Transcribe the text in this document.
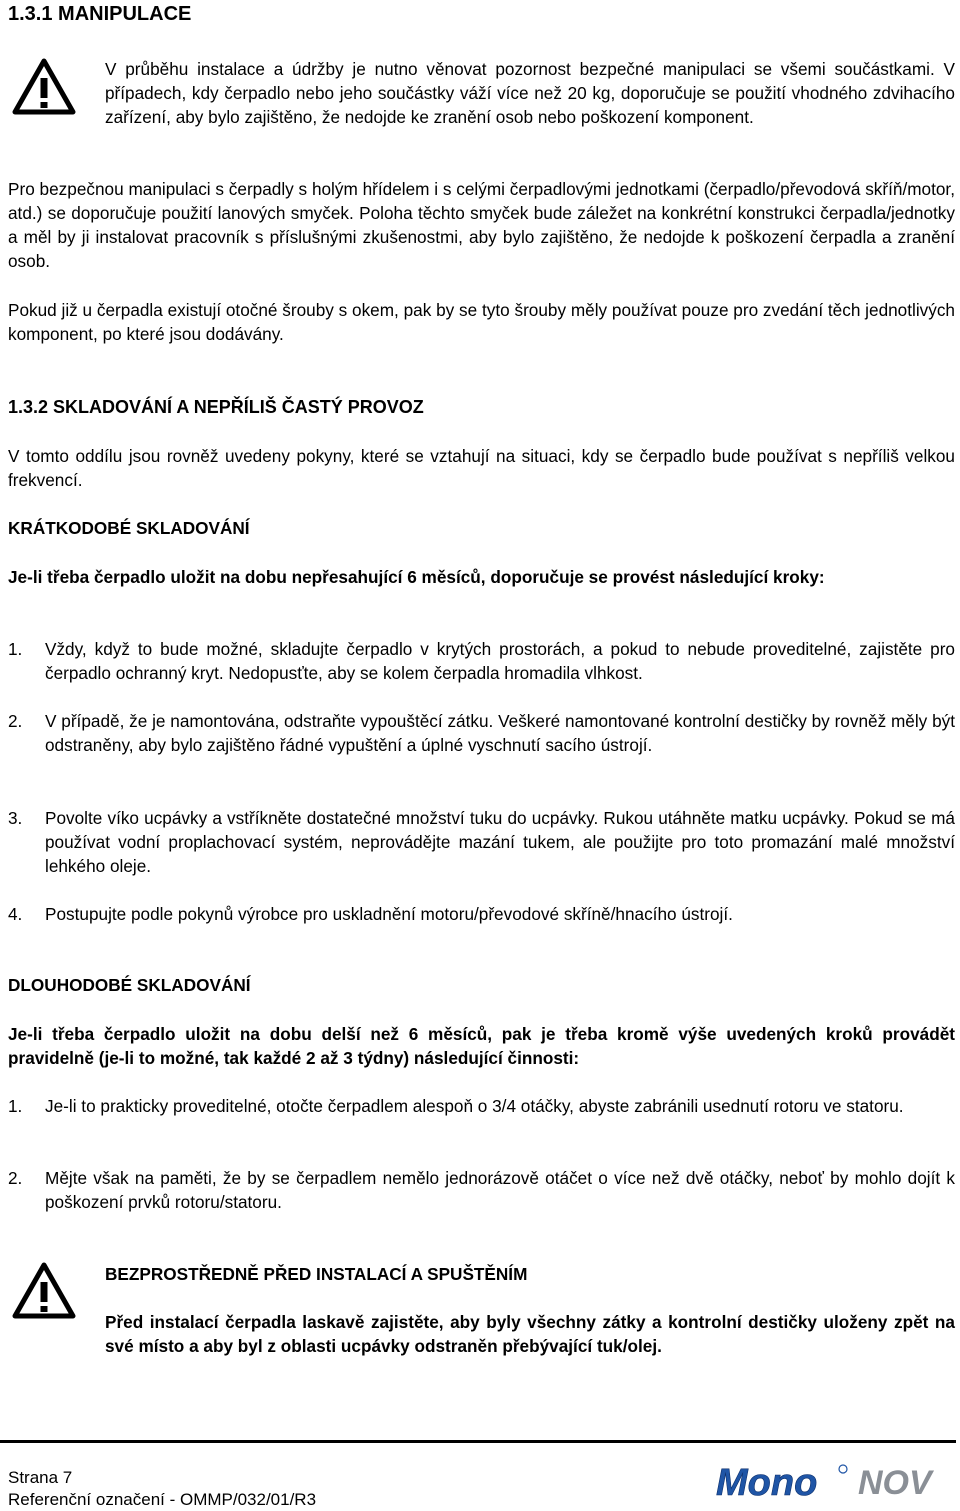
1.3.1 MANIPULACE

V průběhu instalace a údržby je nutno věnovat pozornost bezpečné manipulaci se všemi součástkami. V případech, kdy čerpadlo nebo jeho součástky váží více než 20 kg, doporučuje se použití vhodného zdvihacího zařízení, aby bylo zajištěno, že nedojde ke zranění osob nebo poškození komponent.

Pro bezpečnou manipulaci s čerpadly s holým hřídelem i s celými čerpadlovými jednotkami (čerpadlo/převodová skříň/motor, atd.) se doporučuje použití lanových smyček. Poloha těchto smyček bude záležet na konkrétní konstrukci čerpadla/jednotky a měl by ji instalovat pracovník s příslušnými zkušenostmi, aby bylo zajištěno, že nedojde k poškození čerpadla a zranění osob.

Pokud již u čerpadla existují otočné šrouby s okem, pak by se tyto šrouby měly používat pouze pro zvedání těch jednotlivých komponent, po které jsou dodávány.

1.3.2 SKLADOVÁNÍ A NEPŘÍLIŠ ČASTÝ PROVOZ

V tomto oddílu jsou rovněž uvedeny pokyny, které se vztahují na situaci, kdy se čerpadlo bude používat s nepříliš velkou frekvencí.

KRÁTKODOBÉ SKLADOVÁNÍ

Je-li třeba čerpadlo uložit na dobu nepřesahující 6 měsíců, doporučuje se provést následující kroky:

1. Vždy, když to bude možné, skladujte čerpadlo v krytých prostorách, a pokud to nebude proveditelné, zajistěte pro čerpadlo ochranný kryt. Nedopusťte, aby se kolem čerpadla hromadila vlhkost.

2. V případě, že je namontována, odstraňte vypouštěcí zátku. Veškeré namontované kontrolní destičky by rovněž měly být odstraněny, aby bylo zajištěno řádné vypuštění a úplné vyschnutí sacího ústrojí.

3. Povolte víko ucpávky a vstříkněte dostatečné množství tuku do ucpávky. Rukou utáhněte matku ucpávky. Pokud se má používat vodní proplachovací systém, neprovádějte mazání tukem, ale použijte pro toto promazání malé množství lehkého oleje.

4. Postupujte podle pokynů výrobce pro uskladnění motoru/převodové skříně/hnacího ústrojí.

DLOUHODOBÉ SKLADOVÁNÍ

Je-li třeba čerpadlo uložit na dobu delší než 6 měsíců, pak je třeba kromě výše uvedených kroků provádět pravidelně (je-li to možné, tak každé 2 až 3 týdny) následující činnosti:

1. Je-li to prakticky proveditelné, otočte čerpadlem alespoň o 3/4 otáčky, abyste zabránili usednutí rotoru ve statoru.

2. Mějte však na paměti, že by se čerpadlem nemělo jednorázově otáčet o více než dvě otáčky, neboť by mohlo dojít k poškození prvků rotoru/statoru.

BEZPROSTŘEDNĚ PŘED INSTALACÍ A SPUŠTĚNÍM

Před instalací čerpadla laskavě zajistěte, aby byly všechny zátky a kontrolní destičky uloženy zpět na své místo a aby byl z oblasti ucpávky odstraněn přebývající tuk/olej.

Strana 7
Referenční označení - OMMP/032/01/R3	Mono NOV
